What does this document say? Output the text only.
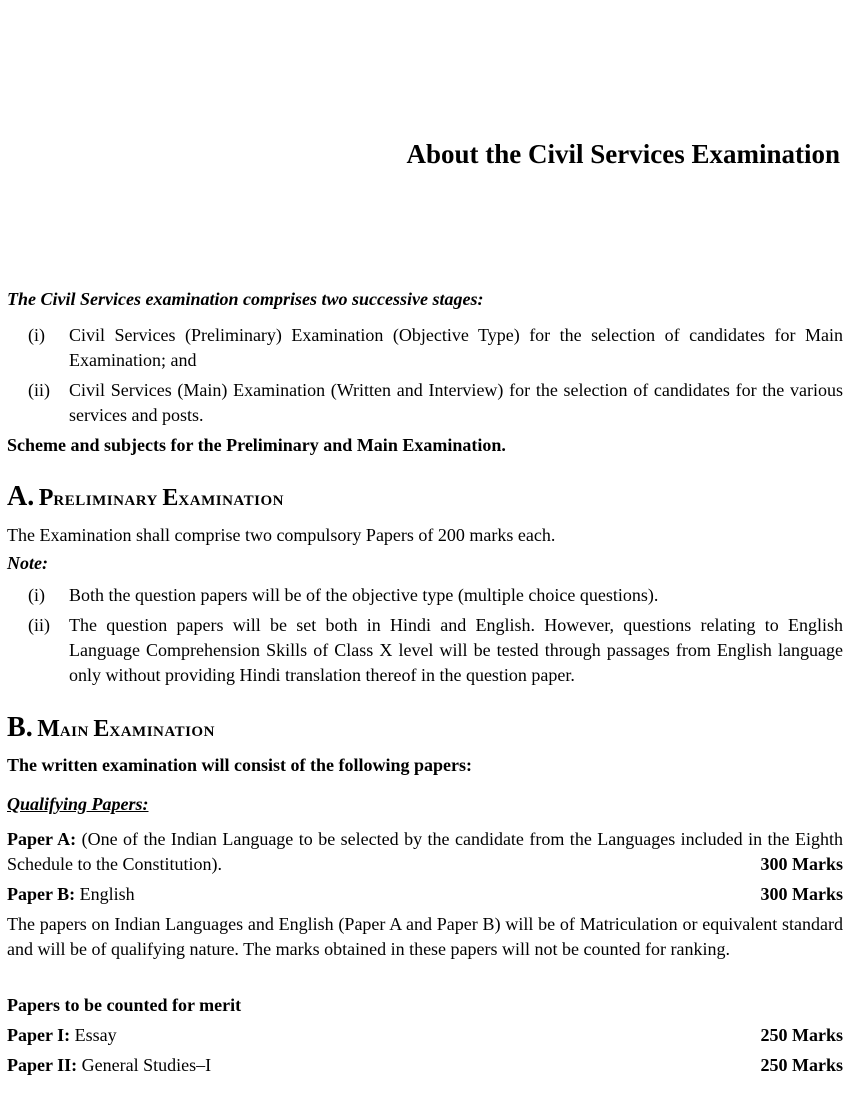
About the Civil Services Examination
The Civil Services examination comprises two successive stages:
(i) Civil Services (Preliminary) Examination (Objective Type) for the selection of candidates for Main Examination; and
(ii) Civil Services (Main) Examination (Written and Interview) for the selection of candidates for the various services and posts.
Scheme and subjects for the Preliminary and Main Examination.
A. PRELIMINARY EXAMINATION
The Examination shall comprise two compulsory Papers of 200 marks each.
Note:
(i) Both the question papers will be of the objective type (multiple choice questions).
(ii) The question papers will be set both in Hindi and English. However, questions relating to English Language Comprehension Skills of Class X level will be tested through passages from English language only without providing Hindi translation thereof in the question paper.
B. MAIN EXAMINATION
The written examination will consist of the following papers:
Qualifying Papers:
Paper A: (One of the Indian Language to be selected by the candidate from the Languages included in the Eighth Schedule to the Constitution).	300 Marks
Paper B: English	300 Marks
The papers on Indian Languages and English (Paper A and Paper B) will be of Matriculation or equivalent standard and will be of qualifying nature. The marks obtained in these papers will not be counted for ranking.
Papers to be counted for merit
Paper I: Essay	250 Marks
Paper II: General Studies–I	250 Marks
